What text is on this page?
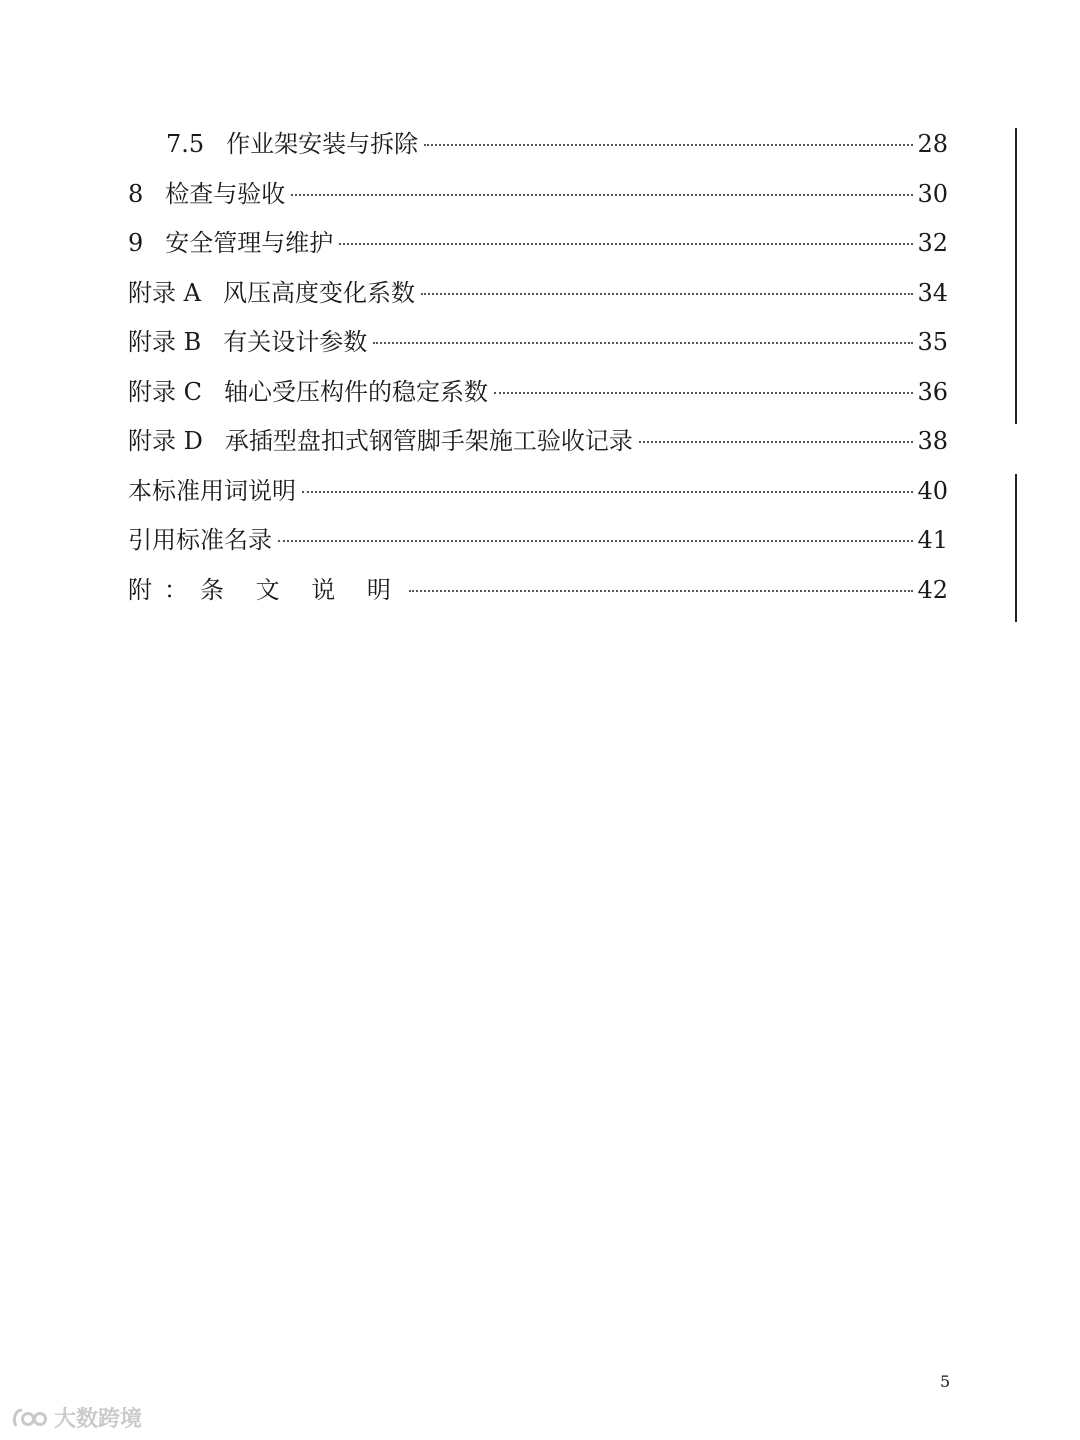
7.5 作业架安装与拆除	28
8 检查与验收	30
9 安全管理与维护	32
附录 A 风压高度变化系数	34
附录 B 有关设计参数	35
附录 C 轴心受压构件的稳定系数	36
附录 D 承插型盘扣式钢管脚手架施工验收记录	38
本标准用词说明	40
引用标准名录	41
附：条 文 说 明	42
5
大数跨境
